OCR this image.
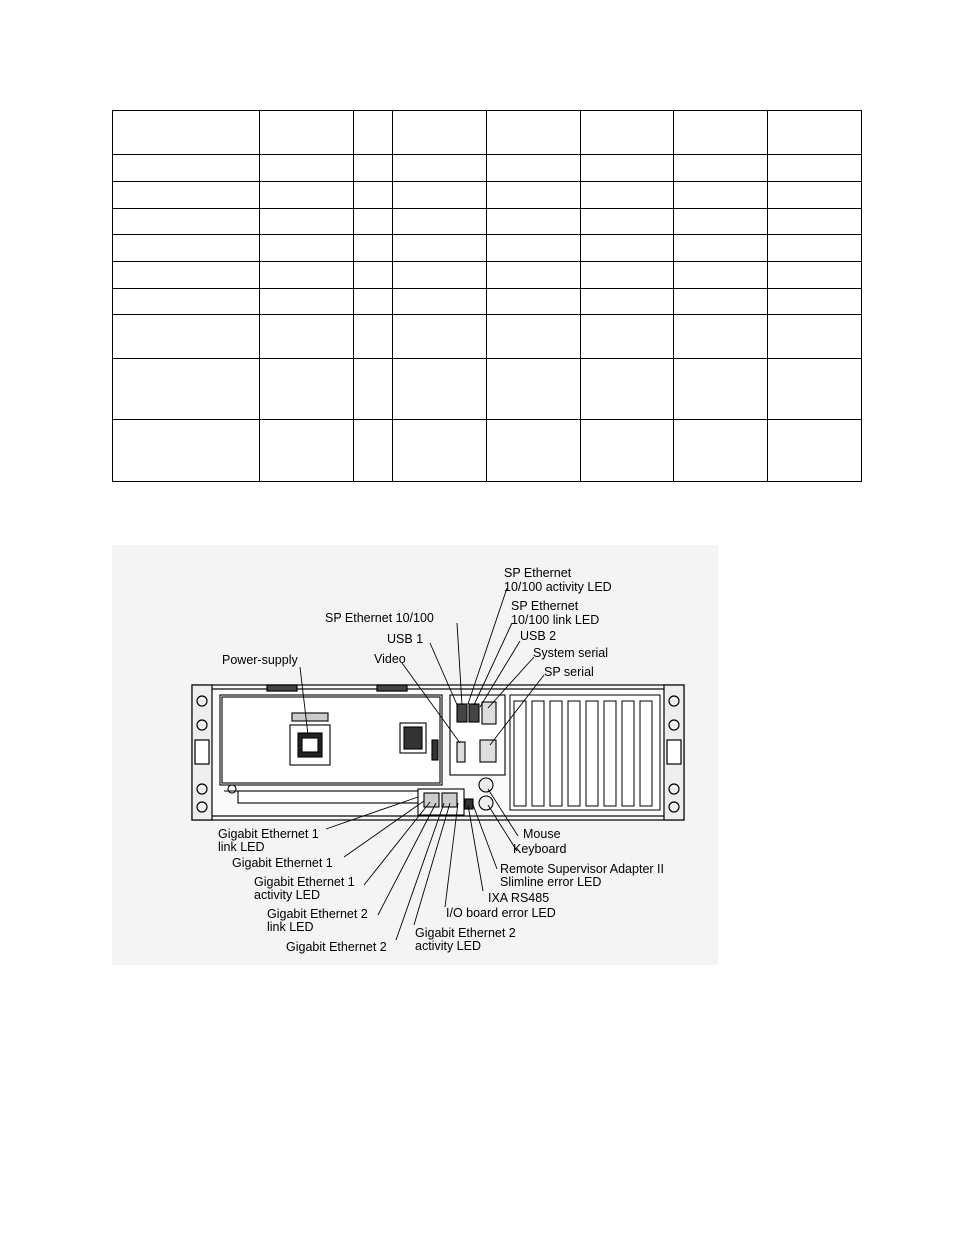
SP Ethernet
10/100 activity LED
SP Ethernet
10/100 link LED
SP Ethernet 10/100
USB 2
USB 1
System serial
Video
SP serial
Power-supply
Gigabit Ethernet 1
link LED
Gigabit Ethernet 1
Gigabit Ethernet 1
activity LED
Gigabit Ethernet 2
link LED
Gigabit Ethernet 2
Mouse
Keyboard
Remote Supervisor Adapter II
Slimline error LED
IXA RS485
I/O board error LED
Gigabit Ethernet 2
activity LED
